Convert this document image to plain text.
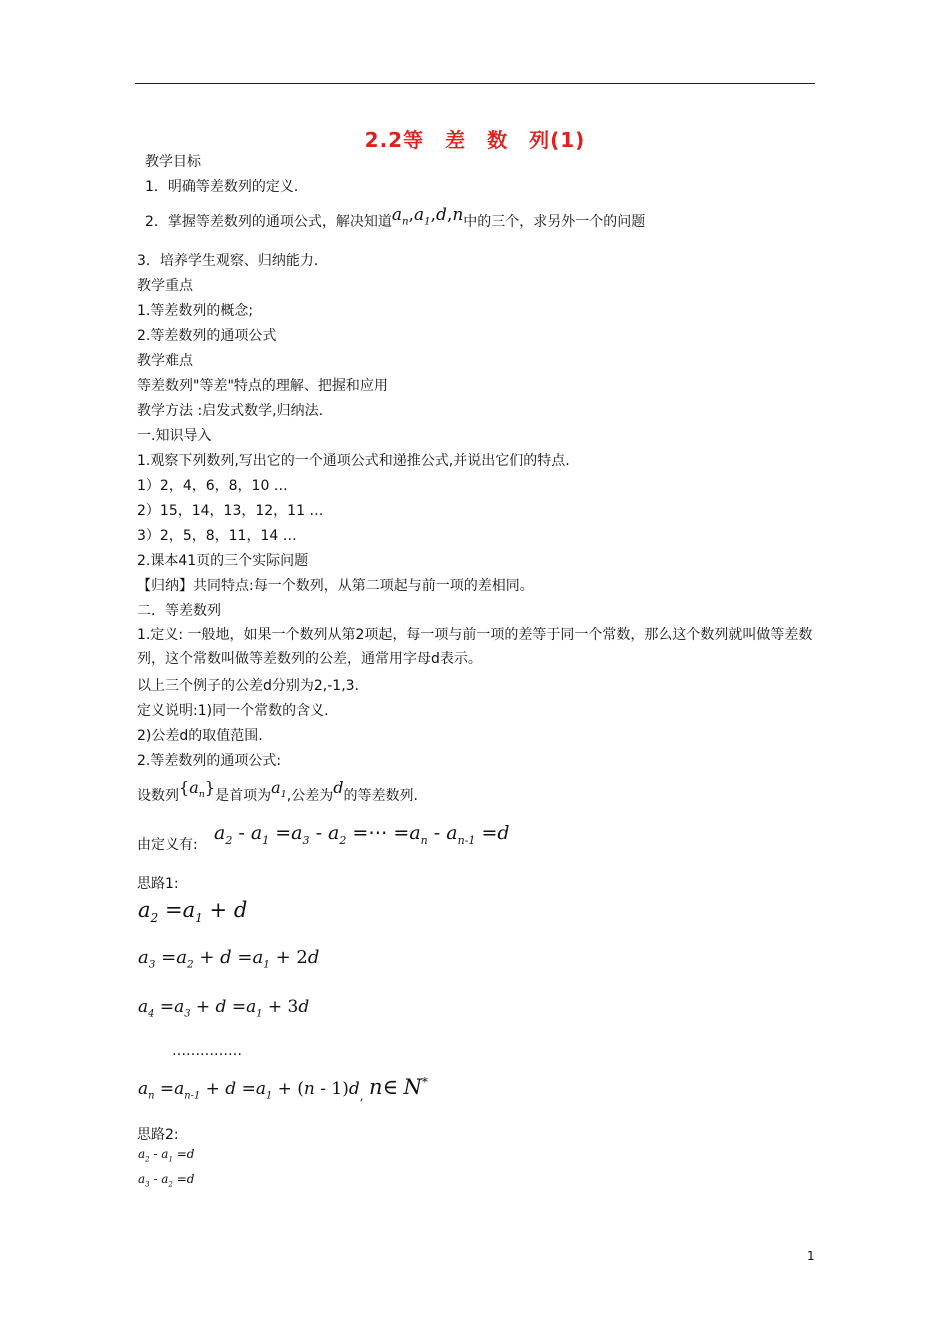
2.2等　差　数　列(1)
教学目标
1．明确等差数列的定义．
2．掌握等差数列的通项公式，解决知道$a_n,a_1,d,n$中的三个，求另外一个的问题
3．培养学生观察、归纳能力．
教学重点
1.等差数列的概念;
2.等差数列的通项公式
教学难点
等差数列"等差"特点的理解、把握和应用
教学方法 :启发式数学,归纳法.
一.知识导入
1.观察下列数列,写出它的一个通项公式和递推公式,并说出它们的特点.
1）2，4，6，8，10 …
2）15，14，13，12，11 …
3）2，5，8，11，14 …
2.课本41页的三个实际问题
【归纳】共同特点:每一个数列，从第二项起与前一项的差相同。
二．等差数列
1.定义: 一般地，如果一个数列从第2项起，每一项与前一项的差等于同一个常数，那么这个数列就叫做等差数列，这个常数叫做等差数列的公差，通常用字母d表示。
以上三个例子的公差d分别为2,-1,3.
定义说明:1)同一个常数的含义.
2)公差d的取值范围.
2.等差数列的通项公式:
设数列$\{a_n\}$是首项为$a_1$,公差为d的等差数列.
由定义有:
$a_2 - a_1 =a_3 - a_2$ =⋯ $=a_n - a_{n-1} =d$
思路1:
$a_2 =a_1 + d$
$a_3 =a_2 + d =a_1 + 2d$
$a_4 =a_3 + d =a_1 + 3d$
……………
$a_n =a_{n-1} + d =a_1 + (n - 1)d_,$ n∈ N*
思路2:
$a_2 - a_1 =d$
$a_3 - a_2 =d$
1
